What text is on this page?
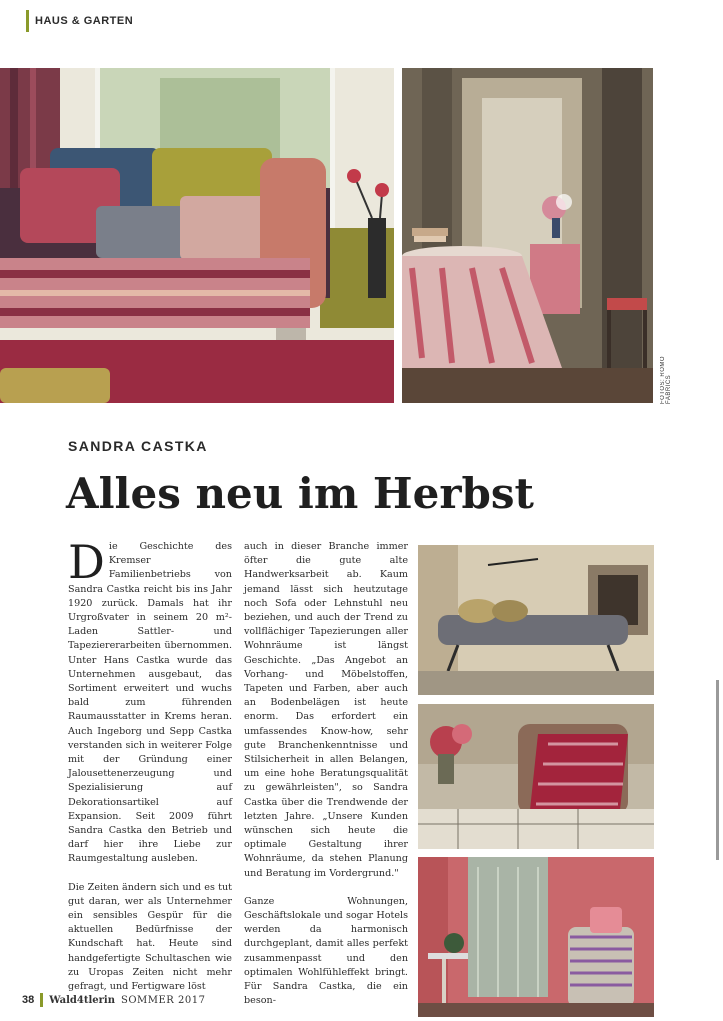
HAUS & GARTEN
FOTOS: ROMO FABRICS
SANDRA CASTKA
Alles neu im Herbst

Die Geschichte des Kremser Familienbetriebs von Sandra Castka reicht bis ins Jahr 1920 zurück. Damals hat ihr Urgroßvater in seinem 20 m²-Laden Sattler- und Tapeziererarbeiten übernommen. Unter Hans Castka wurde das Unternehmen ausgebaut, das Sortiment erweitert und wuchs bald zum führenden Raumausstatter in Krems heran. Auch Ingeborg und Sepp Castka verstanden sich in weiterer Folge mit der Gründung einer Jalousettenerzeugung und Spezialisierung auf Dekorationsartikel auf Expansion. Seit 2009 führt Sandra Castka den Betrieb und darf hier ihre Liebe zur Raumgestaltung ausleben.

Die Zeiten ändern sich und es tut gut daran, wer als Unternehmer ein sensibles Gespür für die aktuellen Bedürfnisse der Kundschaft hat. Heute sind handgefertigte Schultaschen wie zu Uropas Zeiten nicht mehr gefragt, und Fertigware löst

auch in dieser Branche immer öfter die gute alte Handwerksarbeit ab. Kaum jemand lässt sich heutzutage noch Sofa oder Lehnstuhl neu beziehen, und auch der Trend zu vollflächiger Tapezierungen aller Wohnräume ist längst Geschichte. „Das Angebot an Vorhang- und Möbelstoffen, Tapeten und Farben, aber auch an Bodenbelägen ist heute enorm. Das erfordert ein umfassendes Know-how, sehr gute Branchenkenntnisse und Stilsicherheit in allen Belangen, um eine hohe Beratungsqualität zu gewährleisten", so Sandra Castka über die Trendwende der letzten Jahre. „Unsere Kunden wünschen sich heute die optimale Gestaltung ihrer Wohnräume, da stehen Planung und Beratung im Vordergrund."

Ganze Wohnungen, Geschäftslokale und sogar Hotels werden da harmonisch durchgeplant, damit alles perfekt zusammenpasst und den optimalen Wohlfühleffekt bringt. Für Sandra Castka, die ein beson-

38 Wald4tlerin SOMMER 2017
